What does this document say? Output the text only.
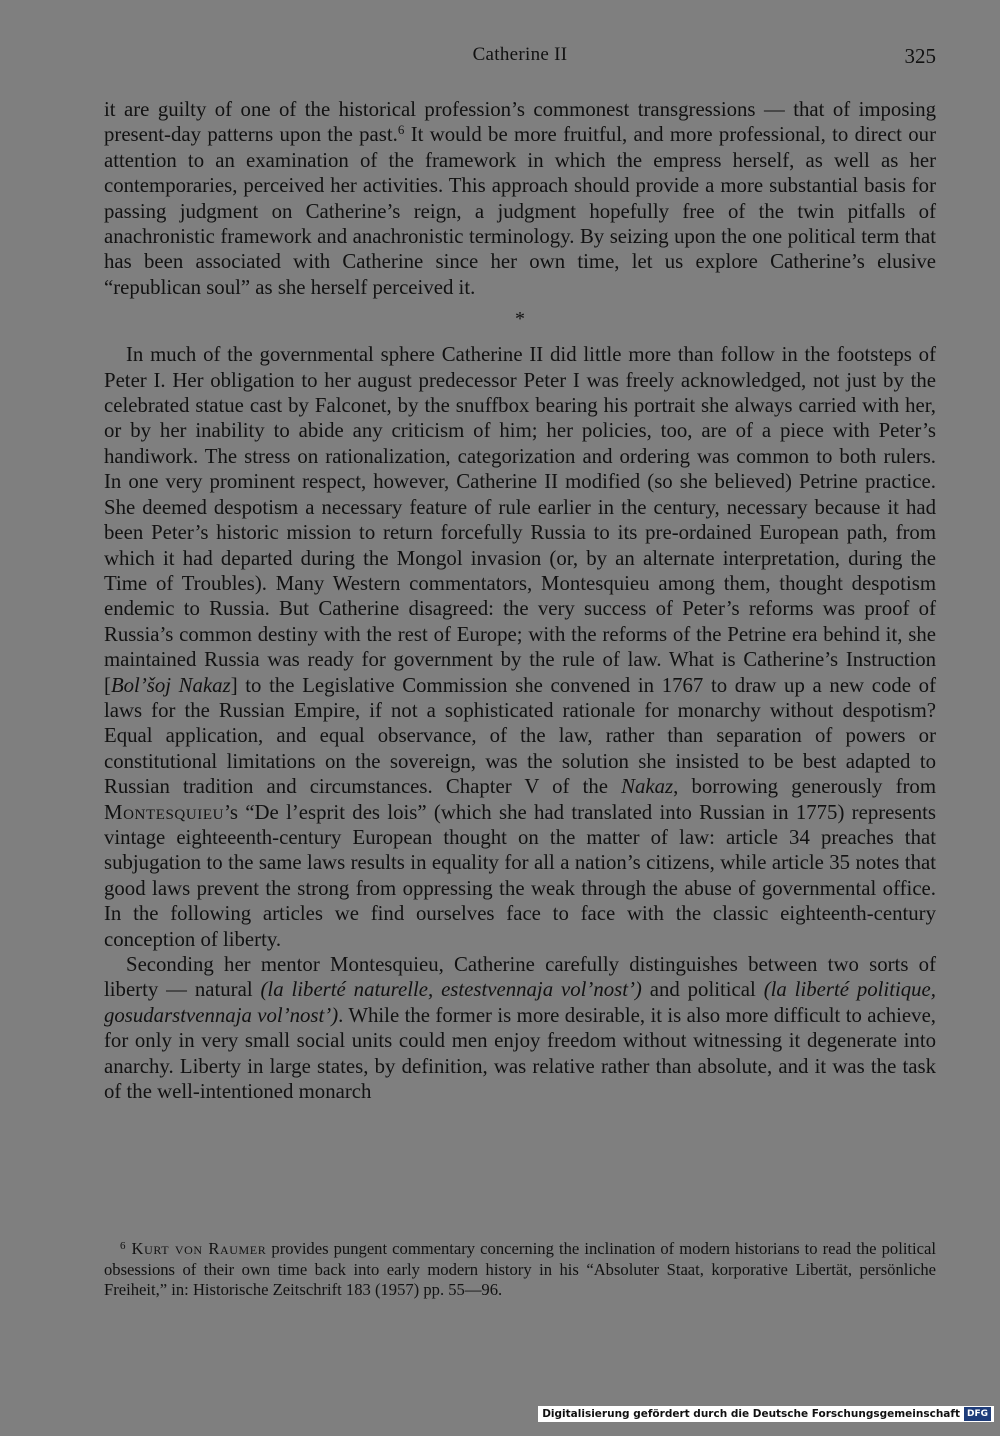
Catherine II	325

it are guilty of one of the historical profession’s commonest transgressions — that of imposing present-day patterns upon the past.$^6$ It would be more fruitful, and more professional, to direct our attention to an examination of the framework in which the empress herself, as well as her contemporaries, perceived her activities. This approach should provide a more substantial basis for passing judgment on Catherine’s reign, a judgment hopefully free of the twin pitfalls of anachronistic framework and anachronistic terminology. By seizing upon the one political term that has been associated with Catherine since her own time, let us explore Catherine’s elusive “republican soul” as she herself perceived it.

*

In much of the governmental sphere Catherine II did little more than follow in the footsteps of Peter I. Her obligation to her august predecessor Peter I was freely acknowledged, not just by the celebrated statue cast by Falconet, by the snuffbox bearing his portrait she always carried with her, or by her inability to abide any criticism of him; her policies, too, are of a piece with Peter’s handiwork. The stress on rationalization, categorization and ordering was common to both rulers. In one very prominent respect, however, Catherine II modified (so she believed) Petrine practice. She deemed despotism a necessary feature of rule earlier in the century, necessary because it had been Peter’s historic mission to return forcefully Russia to its pre-ordained European path, from which it had departed during the Mongol invasion (or, by an alternate interpretation, during the Time of Troubles). Many Western commentators, Montesquieu among them, thought despotism endemic to Russia. But Catherine disagreed: the very success of Peter’s reforms was proof of Russia’s common destiny with the rest of Europe; with the reforms of the Petrine era behind it, she maintained Russia was ready for government by the rule of law. What is Catherine’s Instruction [Bol’šoj Nakaz] to the Legislative Commission she convened in 1767 to draw up a new code of laws for the Russian Empire, if not a sophisticated rationale for monarchy without despotism? Equal application, and equal observance, of the law, rather than separation of powers or constitutional limitations on the sovereign, was the solution she insisted to be best adapted to Russian tradition and circumstances. Chapter V of the Nakaz, borrowing generously from Montesquieu’s “De l’esprit des lois” (which she had translated into Russian in 1775) represents vintage eighteeenth-century European thought on the matter of law: article 34 preaches that subjugation to the same laws results in equality for all a nation’s citizens, while article 35 notes that good laws prevent the strong from oppressing the weak through the abuse of governmental office. In the following articles we find ourselves face to face with the classic eighteenth-century conception of liberty.

Seconding her mentor Montesquieu, Catherine carefully distinguishes between two sorts of liberty — natural (la liberté naturelle, estestvennaja vol’nost’) and political (la liberté politique, gosudarstvennaja vol’nost’). While the former is more desirable, it is also more difficult to achieve, for only in very small social units could men enjoy freedom without witnessing it degenerate into anarchy. Liberty in large states, by definition, was relative rather than absolute, and it was the task of the well-intentioned monarch

$^6$ Kurt von Raumer provides pungent commentary concerning the inclination of modern historians to read the political obsessions of their own time back into early modern history in his “Absoluter Staat, korporative Libertät, persönliche Freiheit,” in: Historische Zeitschrift 183 (1957) pp. 55—96.

Digitalisierung gefördert durch die Deutsche Forschungsgemeinschaft DFG
